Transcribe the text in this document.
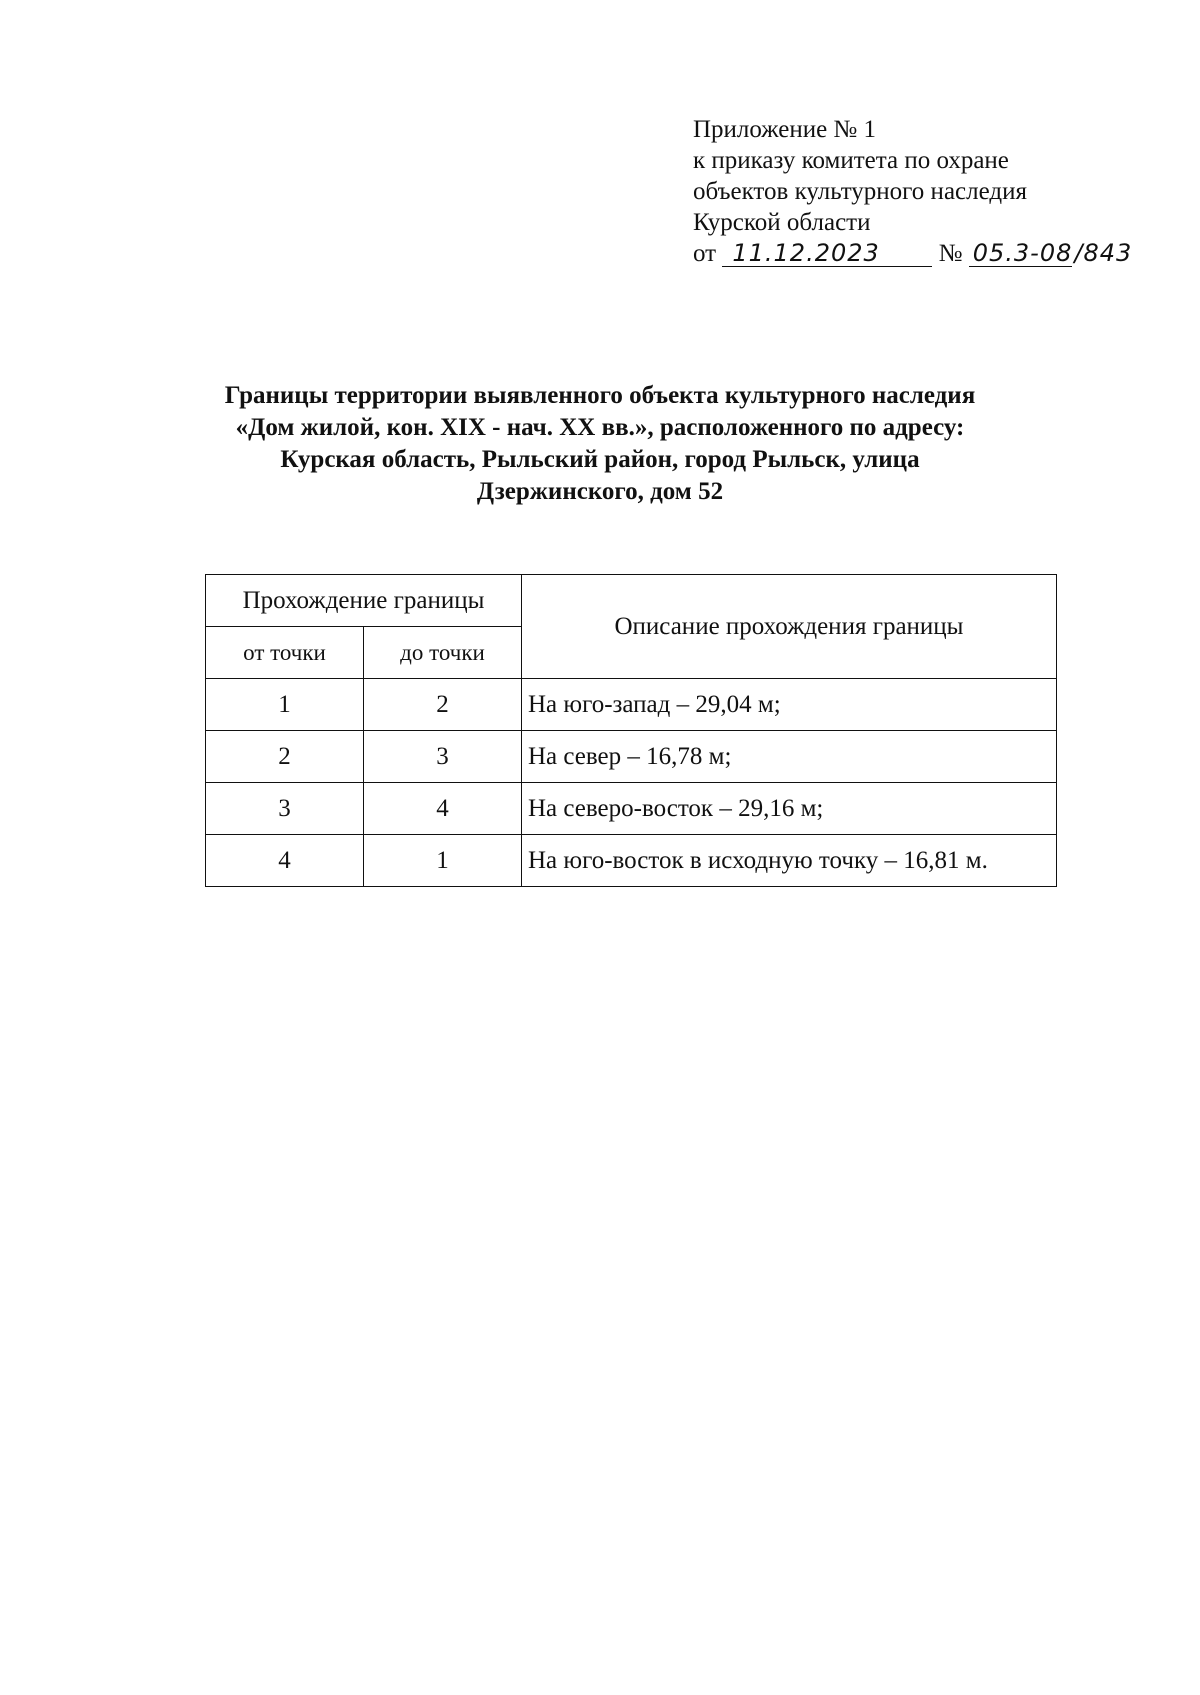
Приложение № 1
к приказу комитета по охране
объектов культурного наследия
Курской области
от 11.12.2023 № 05.3-08/843
Границы территории выявленного объекта культурного наследия
«Дом жилой, кон. XIX - нач. XX вв.», расположенного по адресу:
Курская область, Рыльский район, город Рыльск, улица
Дзержинского, дом 52
Прохождение границы		Описание прохождения границы
от точки	до точки	
1	2	На юго-запад – 29,04 м;
2	3	На север – 16,78 м;
3	4	На северо-восток – 29,16 м;
4	1	На юго-восток в исходную точку – 16,81 м.
